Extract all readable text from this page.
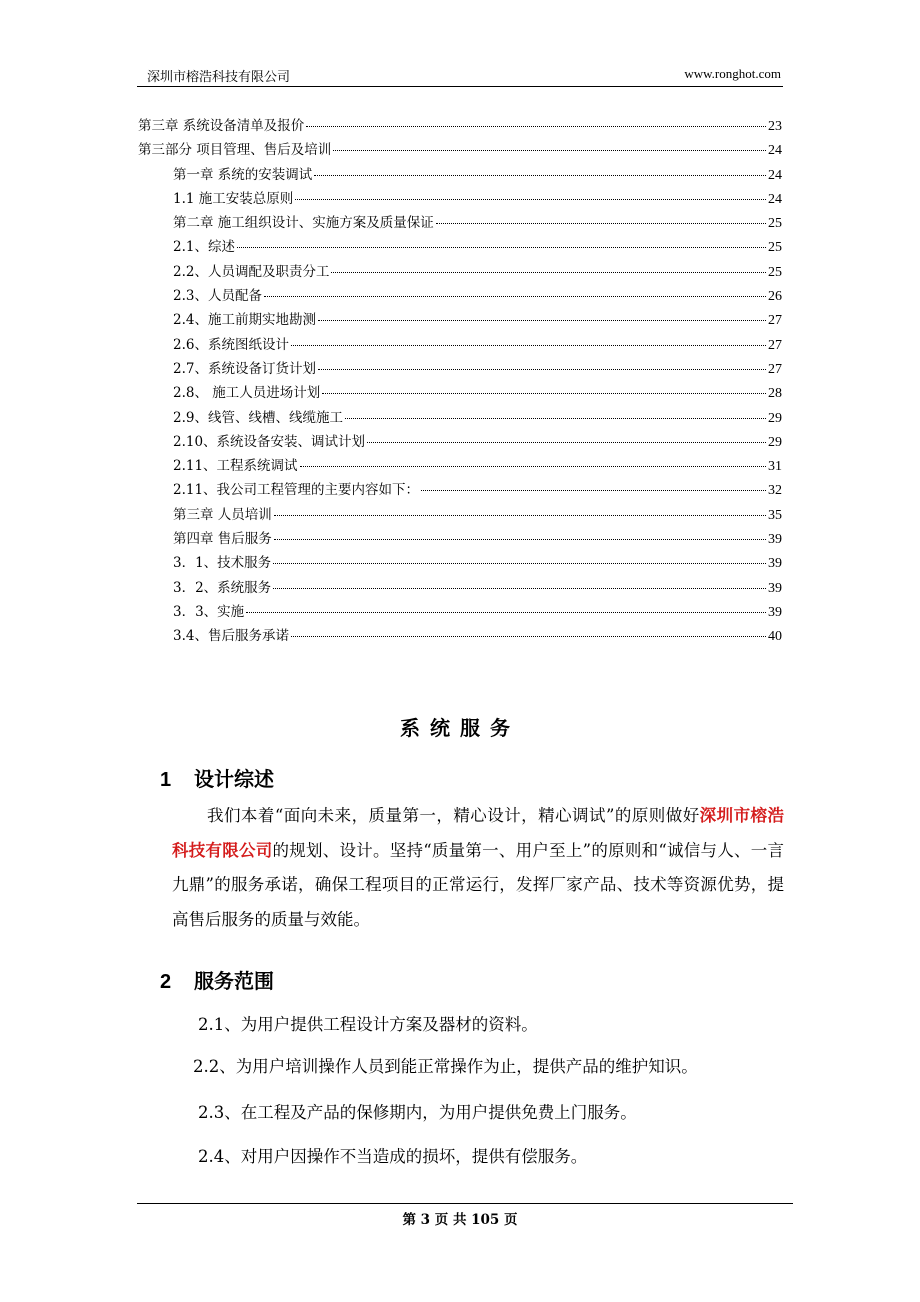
深圳市榕浩科技有限公司	www.ronghot.com
第三章 系统设备清单及报价	23
第三部分 项目管理、售后及培训	24
第一章 系统的安装调试	24
1.1 施工安装总原则	24
第二章 施工组织设计、实施方案及质量保证	25
2.1、综述	25
2.2、人员调配及职责分工	25
2.3、人员配备	26
2.4、施工前期实地勘测	27
2.6、系统图纸设计	27
2.7、系统设备订货计划	27
2.8、 施工人员进场计划	28
2.9、线管、线槽、线缆施工	29
2.10、系统设备安装、调试计划	29
2.11、工程系统调试	31
2.11、我公司工程管理的主要内容如下：	32
第三章 人员培训	35
第四章 售后服务	39
3．1、技术服务	39
3．2、系统服务	39
3．3、实施	39
3.4、售后服务承诺	40
系统服务
1 设计综述
我们本着“面向未来，质量第一，精心设计，精心调试”的原则做好深圳市榕浩科技有限公司的规划、设计。坚持“质量第一、用户至上”的原则和“诚信与人、一言九鼎”的服务承诺，确保工程项目的正常运行，发挥厂家产品、技术等资源优势，提高售后服务的质量与效能。
2 服务范围
2.1、为用户提供工程设计方案及器材的资料。
2.2、为用户培训操作人员到能正常操作为止，提供产品的维护知识。
2.3、在工程及产品的保修期内，为用户提供免费上门服务。
2.4、对用户因操作不当造成的损坏，提供有偿服务。
第 3 页 共 105 页
